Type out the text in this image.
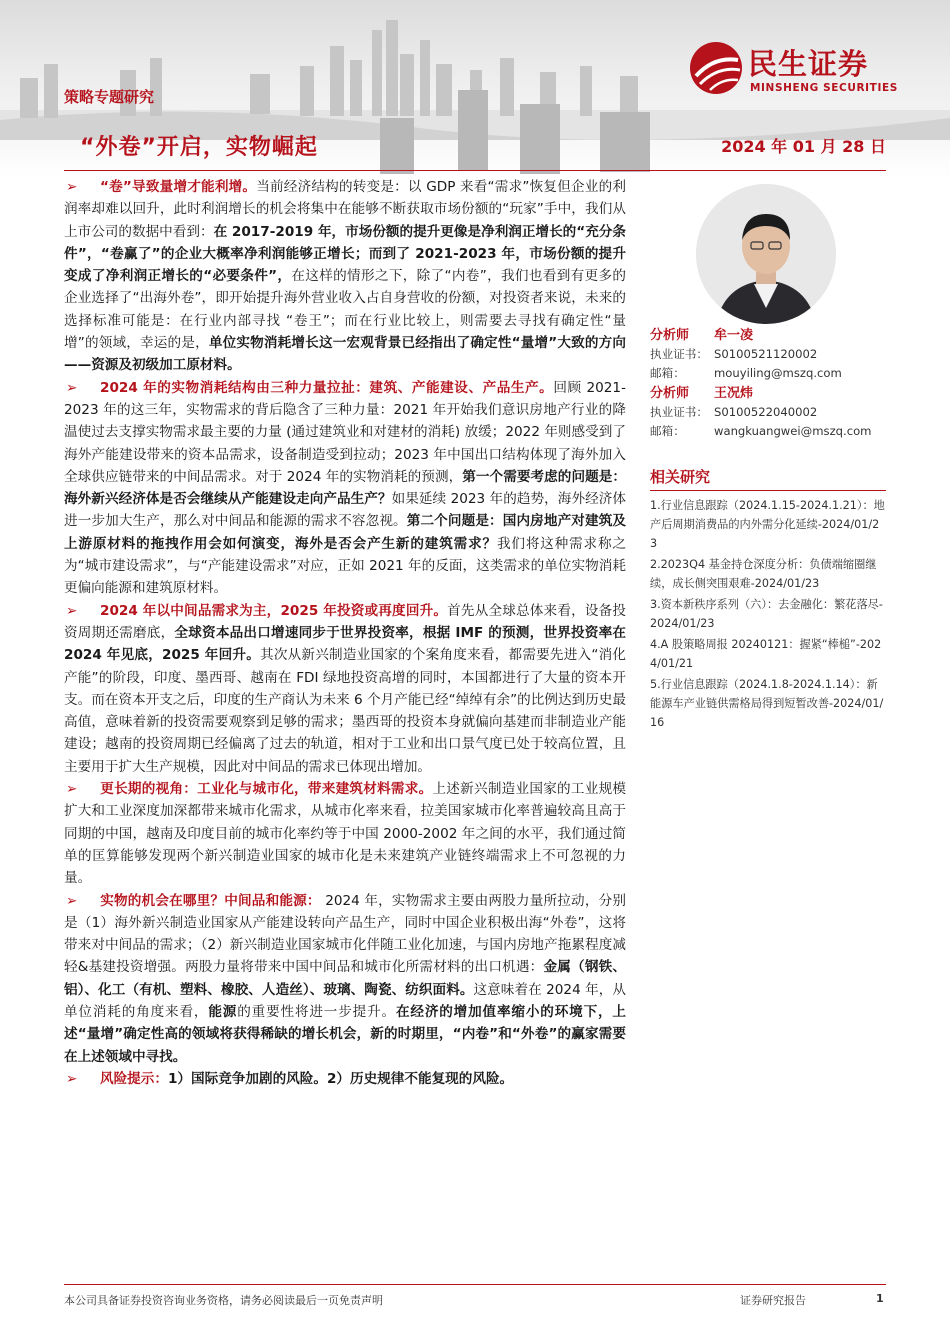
策略专题研究
“外卷”开启，实物崛起	2024 年 01 月 28 日
民生证券
MINSHENG SECURITIES
➢ “卷”导致量增才能利增。当前经济结构的转变是：以 GDP 来看“需求”恢复但企业的利润率却难以回升，此时利润增长的机会将集中在能够不断获取市场份额的“玩家”手中，我们从上市公司的数据中看到：在 2017-2019 年，市场份额的提升更像是净利润正增长的“充分条件”，“卷赢了”的企业大概率净利润能够正增长；而到了 2021-2023 年，市场份额的提升变成了净利润正增长的“必要条件”，在这样的情形之下，除了“内卷”，我们也看到有更多的企业选择了“出海外卷”，即开始提升海外营业收入占自身营收的份额，对投资者来说，未来的选择标准可能是：在行业内部寻找 “卷王”；而在行业比较上，则需要去寻找有确定性“量增”的领域，幸运的是，单位实物消耗增长这一宏观背景已经指出了确定性“量增”大致的方向——资源及初级加工原材料。
➢ 2024 年的实物消耗结构由三种力量拉扯：建筑、产能建设、产品生产。回顾 2021-2023 年的这三年，实物需求的背后隐含了三种力量：2021 年开始我们意识房地产行业的降温使过去支撑实物需求最主要的力量 (通过建筑业和对建材的消耗) 放缓；2022 年则感受到了海外产能建设带来的资本品需求，设备制造受到拉动；2023 年中国出口结构体现了海外加入全球供应链带来的中间品需求。对于 2024 年的实物消耗的预测，第一个需要考虑的问题是：海外新兴经济体是否会继续从产能建设走向产品生产？如果延续 2023 年的趋势，海外经济体进一步加大生产，那么对中间品和能源的需求不容忽视。第二个问题是：国内房地产对建筑及上游原材料的拖拽作用会如何演变，海外是否会产生新的建筑需求？我们将这种需求称之为“城市建设需求”，与“产能建设需求”对应，正如 2021 年的反面，这类需求的单位实物消耗更偏向能源和建筑原材料。
➢ 2024 年以中间品需求为主，2025 年投资或再度回升。首先从全球总体来看，设备投资周期还需磨底，全球资本品出口增速同步于世界投资率，根据 IMF 的预测，世界投资率在 2024 年见底，2025 年回升。其次从新兴制造业国家的个案角度来看，都需要先进入“消化产能”的阶段，印度、墨西哥、越南在 FDI 绿地投资高增的同时，本国都进行了大量的资本开支。而在资本开支之后，印度的生产商认为未来 6 个月产能已经“绰绰有余”的比例达到历史最高值，意味着新的投资需要观察到足够的需求；墨西哥的投资本身就偏向基建而非制造业产能建设；越南的投资周期已经偏离了过去的轨道，相对于工业和出口景气度已处于较高位置，且主要用于扩大生产规模，因此对中间品的需求已体现出增加。
➢ 更长期的视角：工业化与城市化，带来建筑材料需求。上述新兴制造业国家的工业规模扩大和工业深度加深都带来城市化需求，从城市化率来看，拉美国家城市化率普遍较高且高于同期的中国，越南及印度目前的城市化率约等于中国 2000-2002 年之间的水平，我们通过简单的匡算能够发现两个新兴制造业国家的城市化是未来建筑产业链终端需求上不可忽视的力量。
➢ 实物的机会在哪里？中间品和能源： 2024 年，实物需求主要由两股力量所拉动，分别是（1）海外新兴制造业国家从产能建设转向产品生产，同时中国企业积极出海“外卷”，这将带来对中间品的需求；（2）新兴制造业国家城市化伴随工业化加速，与国内房地产拖累程度减轻&基建投资增强。两股力量将带来中国中间品和城市化所需材料的出口机遇：金属（钢铁、铝）、化工（有机、塑料、橡胶、人造丝）、玻璃、陶瓷、纺织面料。这意味着在 2024 年，从单位消耗的角度来看，能源的重要性将进一步提升。在经济的增加值率缩小的环境下，上述“量增”确定性高的领域将获得稀缺的增长机会，新的时期里，“内卷”和“外卷”的赢家需要在上述领域中寻找。
➢ 风险提示：1）国际竞争加剧的风险。2）历史规律不能复现的风险。
分析师	牟一凌
执业证书： S0100521120002
邮箱：	mouyiling@mszq.com
分析师	王况炜
执业证书： S0100522040002
邮箱：	wangkuangwei@mszq.com
相关研究
1.行业信息跟踪（2024.1.15-2024.1.21）：地产后周期消费品的内外需分化延续-2024/01/23
2.2023Q4 基金持仓深度分析：负债端缩圈继续，成长侧突围艰难-2024/01/23
3.资本新秩序系列（六）：去金融化：繁花落尽-2024/01/23
4.A 股策略周报 20240121：握紧“棒槌”-2024/01/21
5.行业信息跟踪（2024.1.8-2024.1.14）：新能源车产业链供需格局得到短暂改善-2024/01/16
本公司具备证券投资咨询业务资格，请务必阅读最后一页免责声明	证券研究报告	1
